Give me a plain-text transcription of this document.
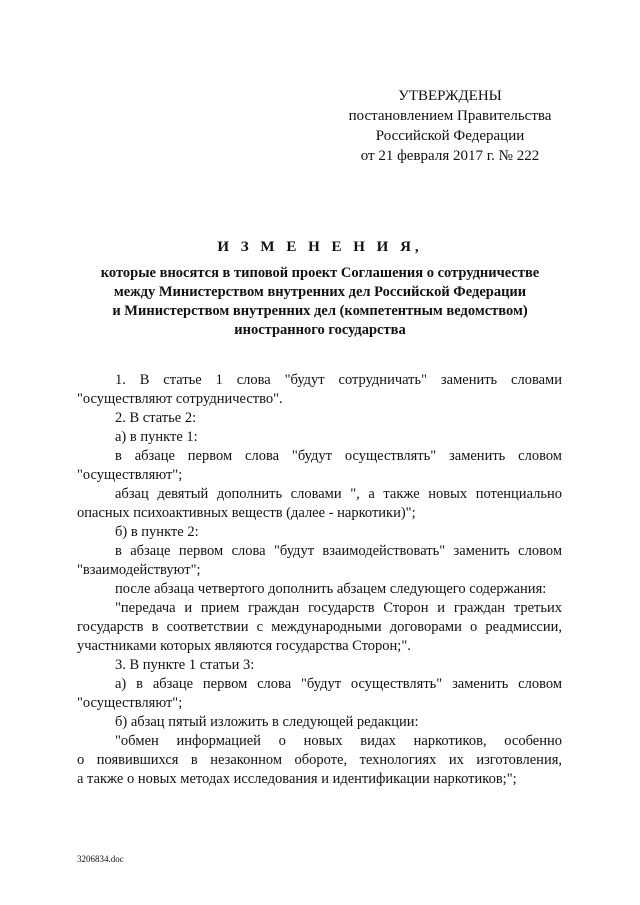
УТВЕРЖДЕНЫ
постановлением Правительства
Российской Федерации
от 21 февраля 2017 г. № 222
И З М Е Н Е Н И Я,
которые вносятся в типовой проект Соглашения о сотрудничестве
между Министерством внутренних дел Российской Федерации
и Министерством внутренних дел (компетентным ведомством)
иностранного государства
1. В статье 1 слова "будут сотрудничать" заменить словами
"осуществляют сотрудничество".
2. В статье 2:
а) в пункте 1:
в абзаце первом слова "будут осуществлять" заменить словом
"осуществляют";
абзац девятый дополнить словами ", а также новых потенциально
опасных психоактивных веществ (далее - наркотики)";
б) в пункте 2:
в абзаце первом слова "будут взаимодействовать" заменить словом
"взаимодействуют";
после абзаца четвертого дополнить абзацем следующего содержания:
"передача и прием граждан государств Сторон и граждан третьих
государств в соответствии с международными договорами о реадмиссии,
участниками которых являются государства Сторон;".
3. В пункте 1 статьи 3:
а) в абзаце первом слова "будут осуществлять" заменить словом
"осуществляют";
б) абзац пятый изложить в следующей редакции:
"обмен информацией о новых видах наркотиков, особенно
о появившихся в незаконном обороте, технологиях их изготовления,
а также о новых методах исследования и идентификации наркотиков;";
3206834.doc
